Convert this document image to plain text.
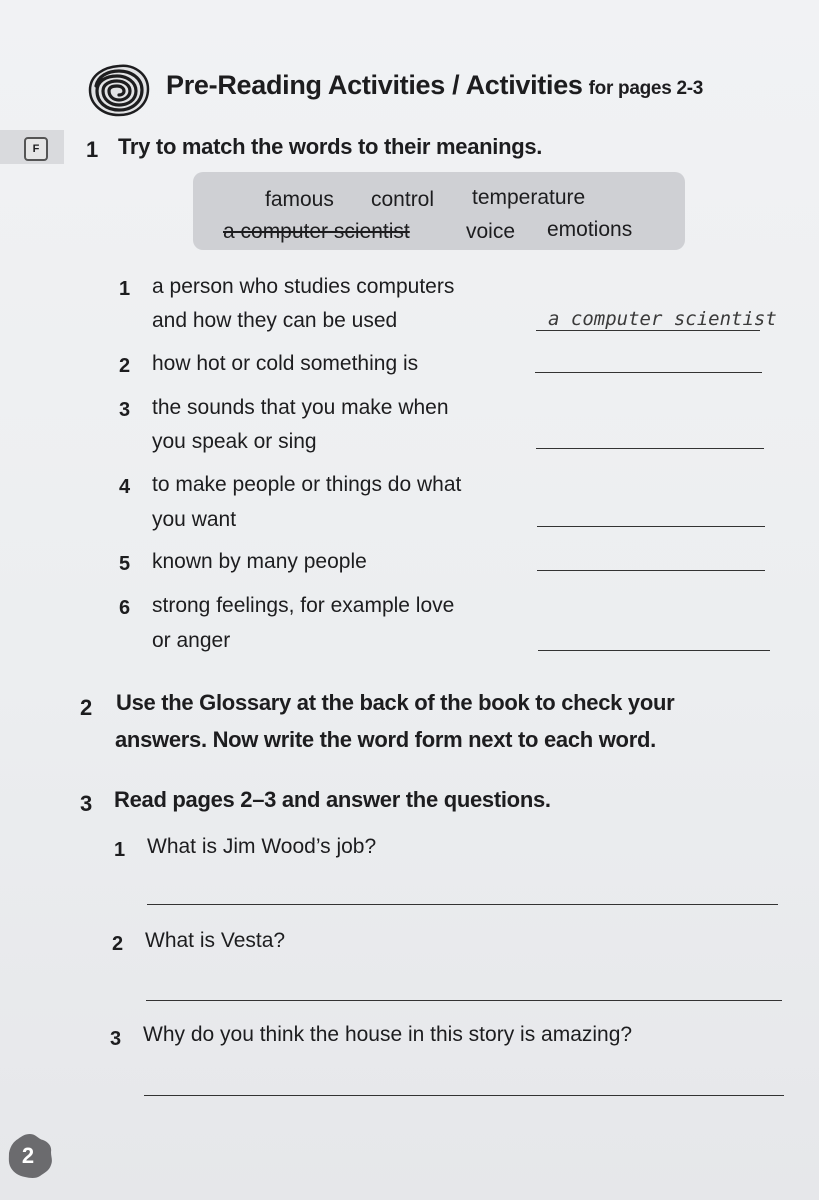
Pre-Reading Activities / Activities for pages 2-3
F	1 Try to match the words to their meanings.
famous control temperature
a computer scientist	voice emotions
1 a person who studies computers
and how they can be used	a computer scientist
2 how hot or cold something is
3 the sounds that you make when
you speak or sing
4 to make people or things do what
you want
5 known by many people
6 strong feelings, for example love
or anger
2 Use the Glossary at the back of the book to check your
answers. Now write the word form next to each word.
3 Read pages 2–3 and answer the questions.
1 What is Jim Wood’s job?
2 What is Vesta?
3 Why do you think the house in this story is amazing?
2
